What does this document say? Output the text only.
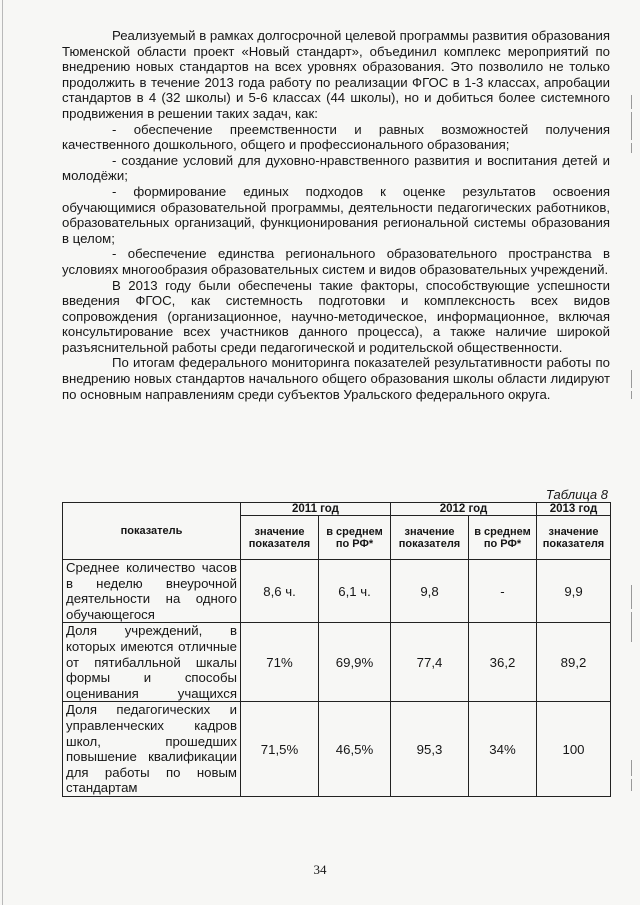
Реализуемый в рамках долгосрочной целевой программы развития образования Тюменской области проект «Новый стандарт», объединил комплекс мероприятий по внедрению новых стандартов на всех уровнях образования. Это позволило не только продолжить в течение 2013 года работу по реализации ФГОС в 1-3 классах, апробации стандартов в 4 (32 школы) и 5-6 классах (44 школы), но и добиться более системного продвижения в решении таких задач, как:

- обеспечение преемственности и равных возможностей получения качественного дошкольного, общего и профессионального образования;

- создание условий для духовно-нравственного развития и воспитания детей и молодёжи;

- формирование единых подходов к оценке результатов освоения обучающимися образовательной программы, деятельности педагогических работников, образовательных организаций, функционирования региональной системы образования в целом;

- обеспечение единства регионального образовательного пространства в условиях многообразия образовательных систем и видов образовательных учреждений.

В 2013 году были обеспечены такие факторы, способствующие успешности введения ФГОС, как системность подготовки и комплексность всех видов сопровождения (организационное, научно-методическое, информационное, включая консультирование всех участников данного процесса), а также наличие широкой разъяснительной работы среди педагогической и родительской общественности.

По итогам федерального мониторинга показателей результативности работы по внедрению новых стандартов начального общего образования школы области лидируют по основным направлениям среди субъектов Уральского федерального округа.

Таблица 8
показатель	2011 год		2012 год		2013 год
	значение показателя	в среднем по РФ*	значение показателя	в среднем по РФ*	значение показателя
Среднее количество часов в неделю внеурочной деятельности на одного обучающегося	8,6 ч.	6,1 ч.	9,8	-	9,9
Доля учреждений, в которых имеются отличные от пятибалльной шкалы формы и способы оценивания учащихся	71%	69,9%	77,4	36,2	89,2
Доля педагогических и управленческих кадров школ, прошедших повышение квалификации для работы по новым стандартам	71,5%	46,5%	95,3	34%	100
34
